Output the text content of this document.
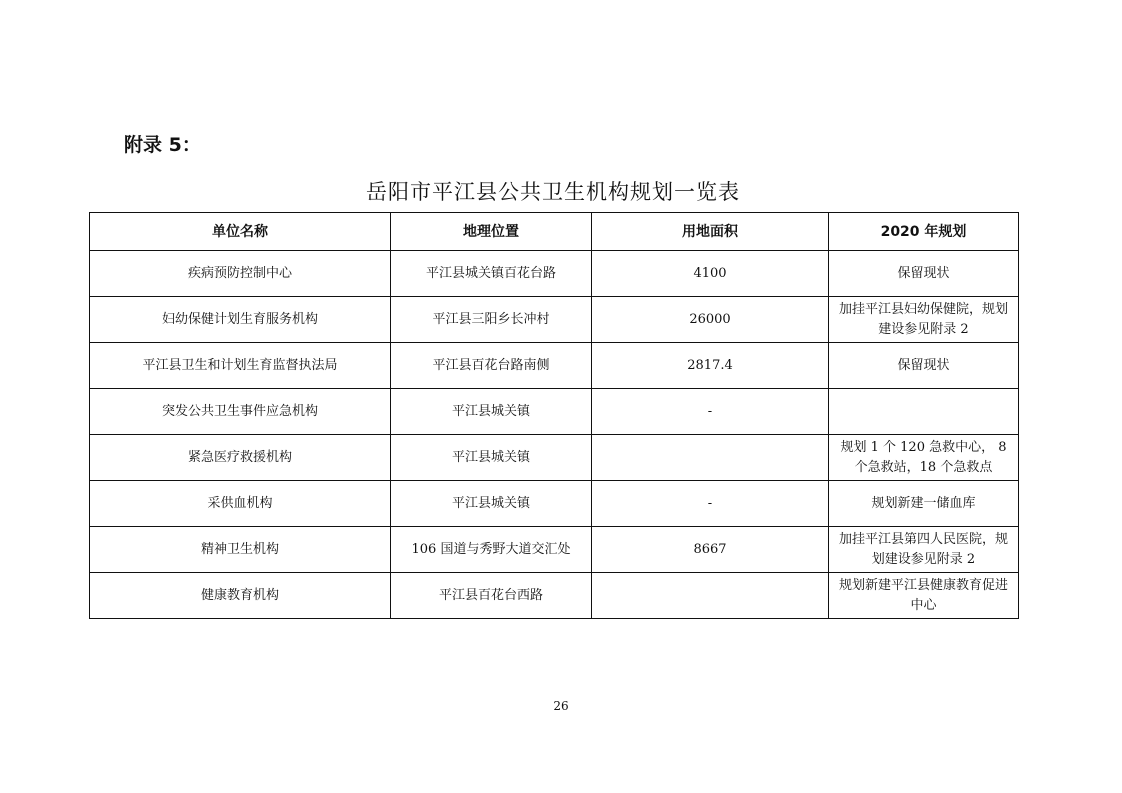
附录 5：
岳阳市平江县公共卫生机构规划一览表
单位名称	地理位置	用地面积	2020 年规划
疾病预防控制中心	平江县城关镇百花台路	4100	保留现状
妇幼保健计划生育服务机构	平江县三阳乡长冲村	26000	加挂平江县妇幼保健院，规划建设参见附录 2
平江县卫生和计划生育监督执法局	平江县百花台路南侧	2817.4	保留现状
突发公共卫生事件应急机构	平江县城关镇	-	
紧急医疗救援机构	平江县城关镇		规划 1 个 120 急救中心， 8 个急救站，18 个急救点
采供血机构	平江县城关镇	-	规划新建一储血库
精神卫生机构	106 国道与秀野大道交汇处	8667	加挂平江县第四人民医院，规划建设参见附录 2
健康教育机构	平江县百花台西路		规划新建平江县健康教育促进中心
26
